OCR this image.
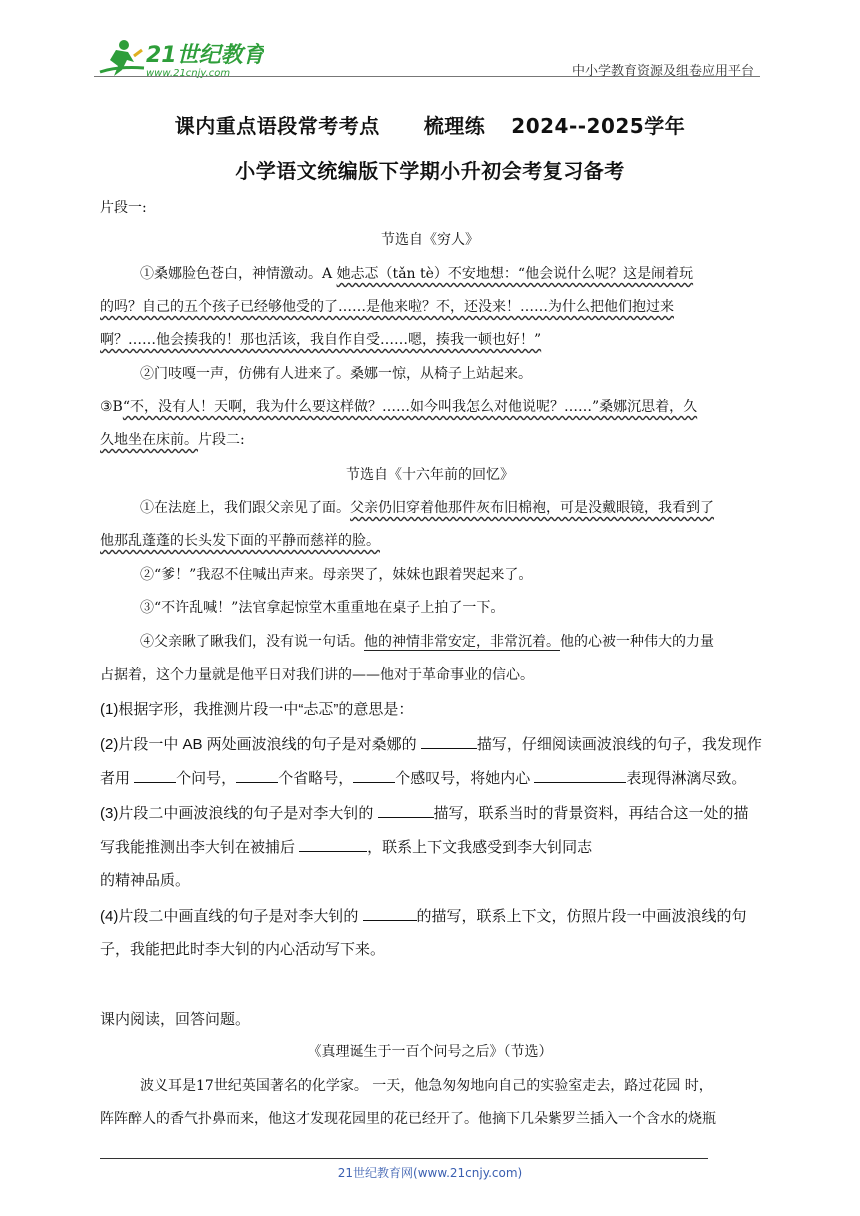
21世纪教育
www.21cnjy.com	中小学教育资源及组卷应用平台
课内重点语段常考考点 梳理练 2024--2025学年
小学语文统编版下学期小升初会考复习备考
片段一:
节选自《穷人》
①桑娜脸色苍白，神情激动。A 她忐忑（tǎn tè）不安地想：“他会说什么呢？这是闹着玩
的吗？自己的五个孩子已经够他受的了……是他来啦？不，还没来！……为什么把他们抱过来
啊？……他会揍我的！那也活该，我自作自受……嗯，揍我一顿也好！”
②门吱嘎一声，仿佛有人进来了。桑娜一惊，从椅子上站起来。
③B“不，没有人！天啊，我为什么要这样做？……如今叫我怎么对他说呢？……”桑娜沉思着，久
久地坐在床前。片段二:
节选自《十六年前的回忆》
①在法庭上，我们跟父亲见了面。父亲仍旧穿着他那件灰布旧棉袍，可是没戴眼镜，我看到了
他那乱蓬蓬的长头发下面的平静而慈祥的脸。
②“爹！”我忍不住喊出声来。母亲哭了，妹妹也跟着哭起来了。
③“不许乱喊！”法官拿起惊堂木重重地在桌子上拍了一下。
④父亲瞅了瞅我们，没有说一句话。他的神情非常安定，非常沉着。他的心被一种伟大的力量
占据着，这个力量就是他平日对我们讲的——他对于革命事业的信心。
(1)根据字形，我推测片段一中“忐忑”的意思是：
(2)片段一中 AB 两处画波浪线的句子是对桑娜的	描写，仔细阅读画波浪线的句子，我发现作
者用	个问号，	个省略号，	个感叹号，将她内心	表现得淋漓尽致。
(3)片段二中画波浪线的句子是对李大钊的	描写，联系当时的背景资料，再结合这一处的描
写我能推测出李大钊在被捕后	，联系上下文我感受到李大钊同志
的精神品质。
(4)片段二中画直线的句子是对李大钊的	的描写，联系上下文，仿照片段一中画波浪线的句
子，我能把此时李大钊的内心活动写下来。
课内阅读，回答问题。
《真理诞生于一百个问号之后》（节选）
波义耳是17世纪英国著名的化学家。 一天，他急匆匆地向自己的实验室走去，路过花园 时，
阵阵醉人的香气扑鼻而来，他这才发现花园里的花已经开了。他摘下几朵紫罗兰插入一个含水的烧瓶
21世纪教育网(www.21cnjy.com)
